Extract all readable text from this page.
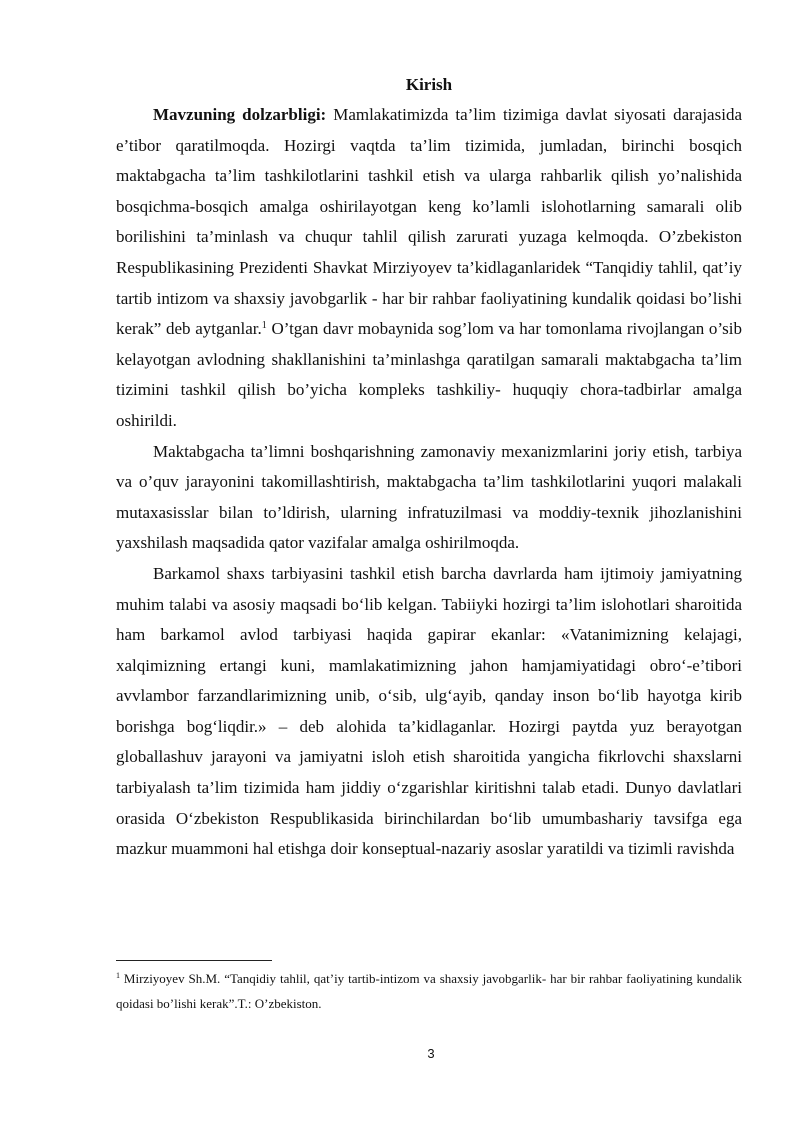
Kirish

Mavzuning dolzarbligi: Mamlakatimizda ta’lim tizimiga davlat siyosati darajasida e’tibor qaratilmoqda. Hozirgi vaqtda ta’lim tizimida, jumladan, birinchi bosqich maktabgacha ta’lim tashkilotlarini tashkil etish va ularga rahbarlik qilish yo’nalishida bosqichma-bosqich amalga oshirilayotgan keng ko’lamli islohotlarning samarali olib borilishini ta’minlash va chuqur tahlil qilish zarurati yuzaga kelmoqda. O’zbekiston Respublikasining Prezidenti Shavkat Mirziyoyev ta’kidlaganlaridek “Tanqidiy tahlil, qat’iy tartib intizom va shaxsiy javobgarlik - har bir rahbar faoliyatining kundalik qoidasi bo’lishi kerak” deb aytganlar.$^1$ O’tgan davr mobaynida sog’lom va har tomonlama rivojlangan o’sib kelayotgan avlodning shakllanishini ta’minlashga qaratilgan samarali maktabgacha ta’lim tizimini tashkil qilish bo’yicha kompleks tashkiliy- huquqiy chora-tadbirlar amalga oshirildi.

Maktabgacha ta’limni boshqarishning zamonaviy mexanizmlarini joriy etish, tarbiya va o’quv jarayonini takomillashtirish, maktabgacha ta’lim tashkilotlarini yuqori malakali mutaxasisslar bilan to’ldirish, ularning infratuzilmasi va moddiy-texnik jihozlanishini yaxshilash maqsadida qator vazifalar amalga oshirilmoqda.

Barkamol shaxs tarbiyasini tashkil etish barcha davrlarda ham ijtimoiy jamiyatning muhim talabi va asosiy maqsadi bo‘lib kelgan. Tabiiyki hozirgi ta’lim islohotlari sharoitida ham barkamol avlod tarbiyasi haqida gapirar ekanlar: «Vatanimizning kelajagi, xalqimizning ertangi kuni, mamlakatimizning jahon hamjamiyatidagi obro‘-e’tibori avvlambor farzandlarimizning unib, o‘sib, ulg‘ayib, qanday inson bo‘lib hayotga kirib borishga bog‘liqdir.» – deb alohida ta’kidlaganlar. Hozirgi paytda yuz berayotgan globallashuv jarayoni va jamiyatni isloh etish sharoitida yangicha fikrlovchi shaxslarni tarbiyalash ta’lim tizimida ham jiddiy o‘zgarishlar kiritishni talab etadi. Dunyo davlatlari orasida O‘zbekiston Respublikasida birinchilardan bo‘lib umumbashariy tavsifga ega mazkur muammoni hal etishga doir konseptual-nazariy asoslar yaratildi va tizimli ravishda

$^1$ Mirziyoyev Sh.M. “Tanqidiy tahlil, qat’iy tartib-intizom va shaxsiy javobgarlik- har bir rahbar faoliyatining kundalik qoidasi bo’lishi kerak”.T.: O’zbekiston.

3
